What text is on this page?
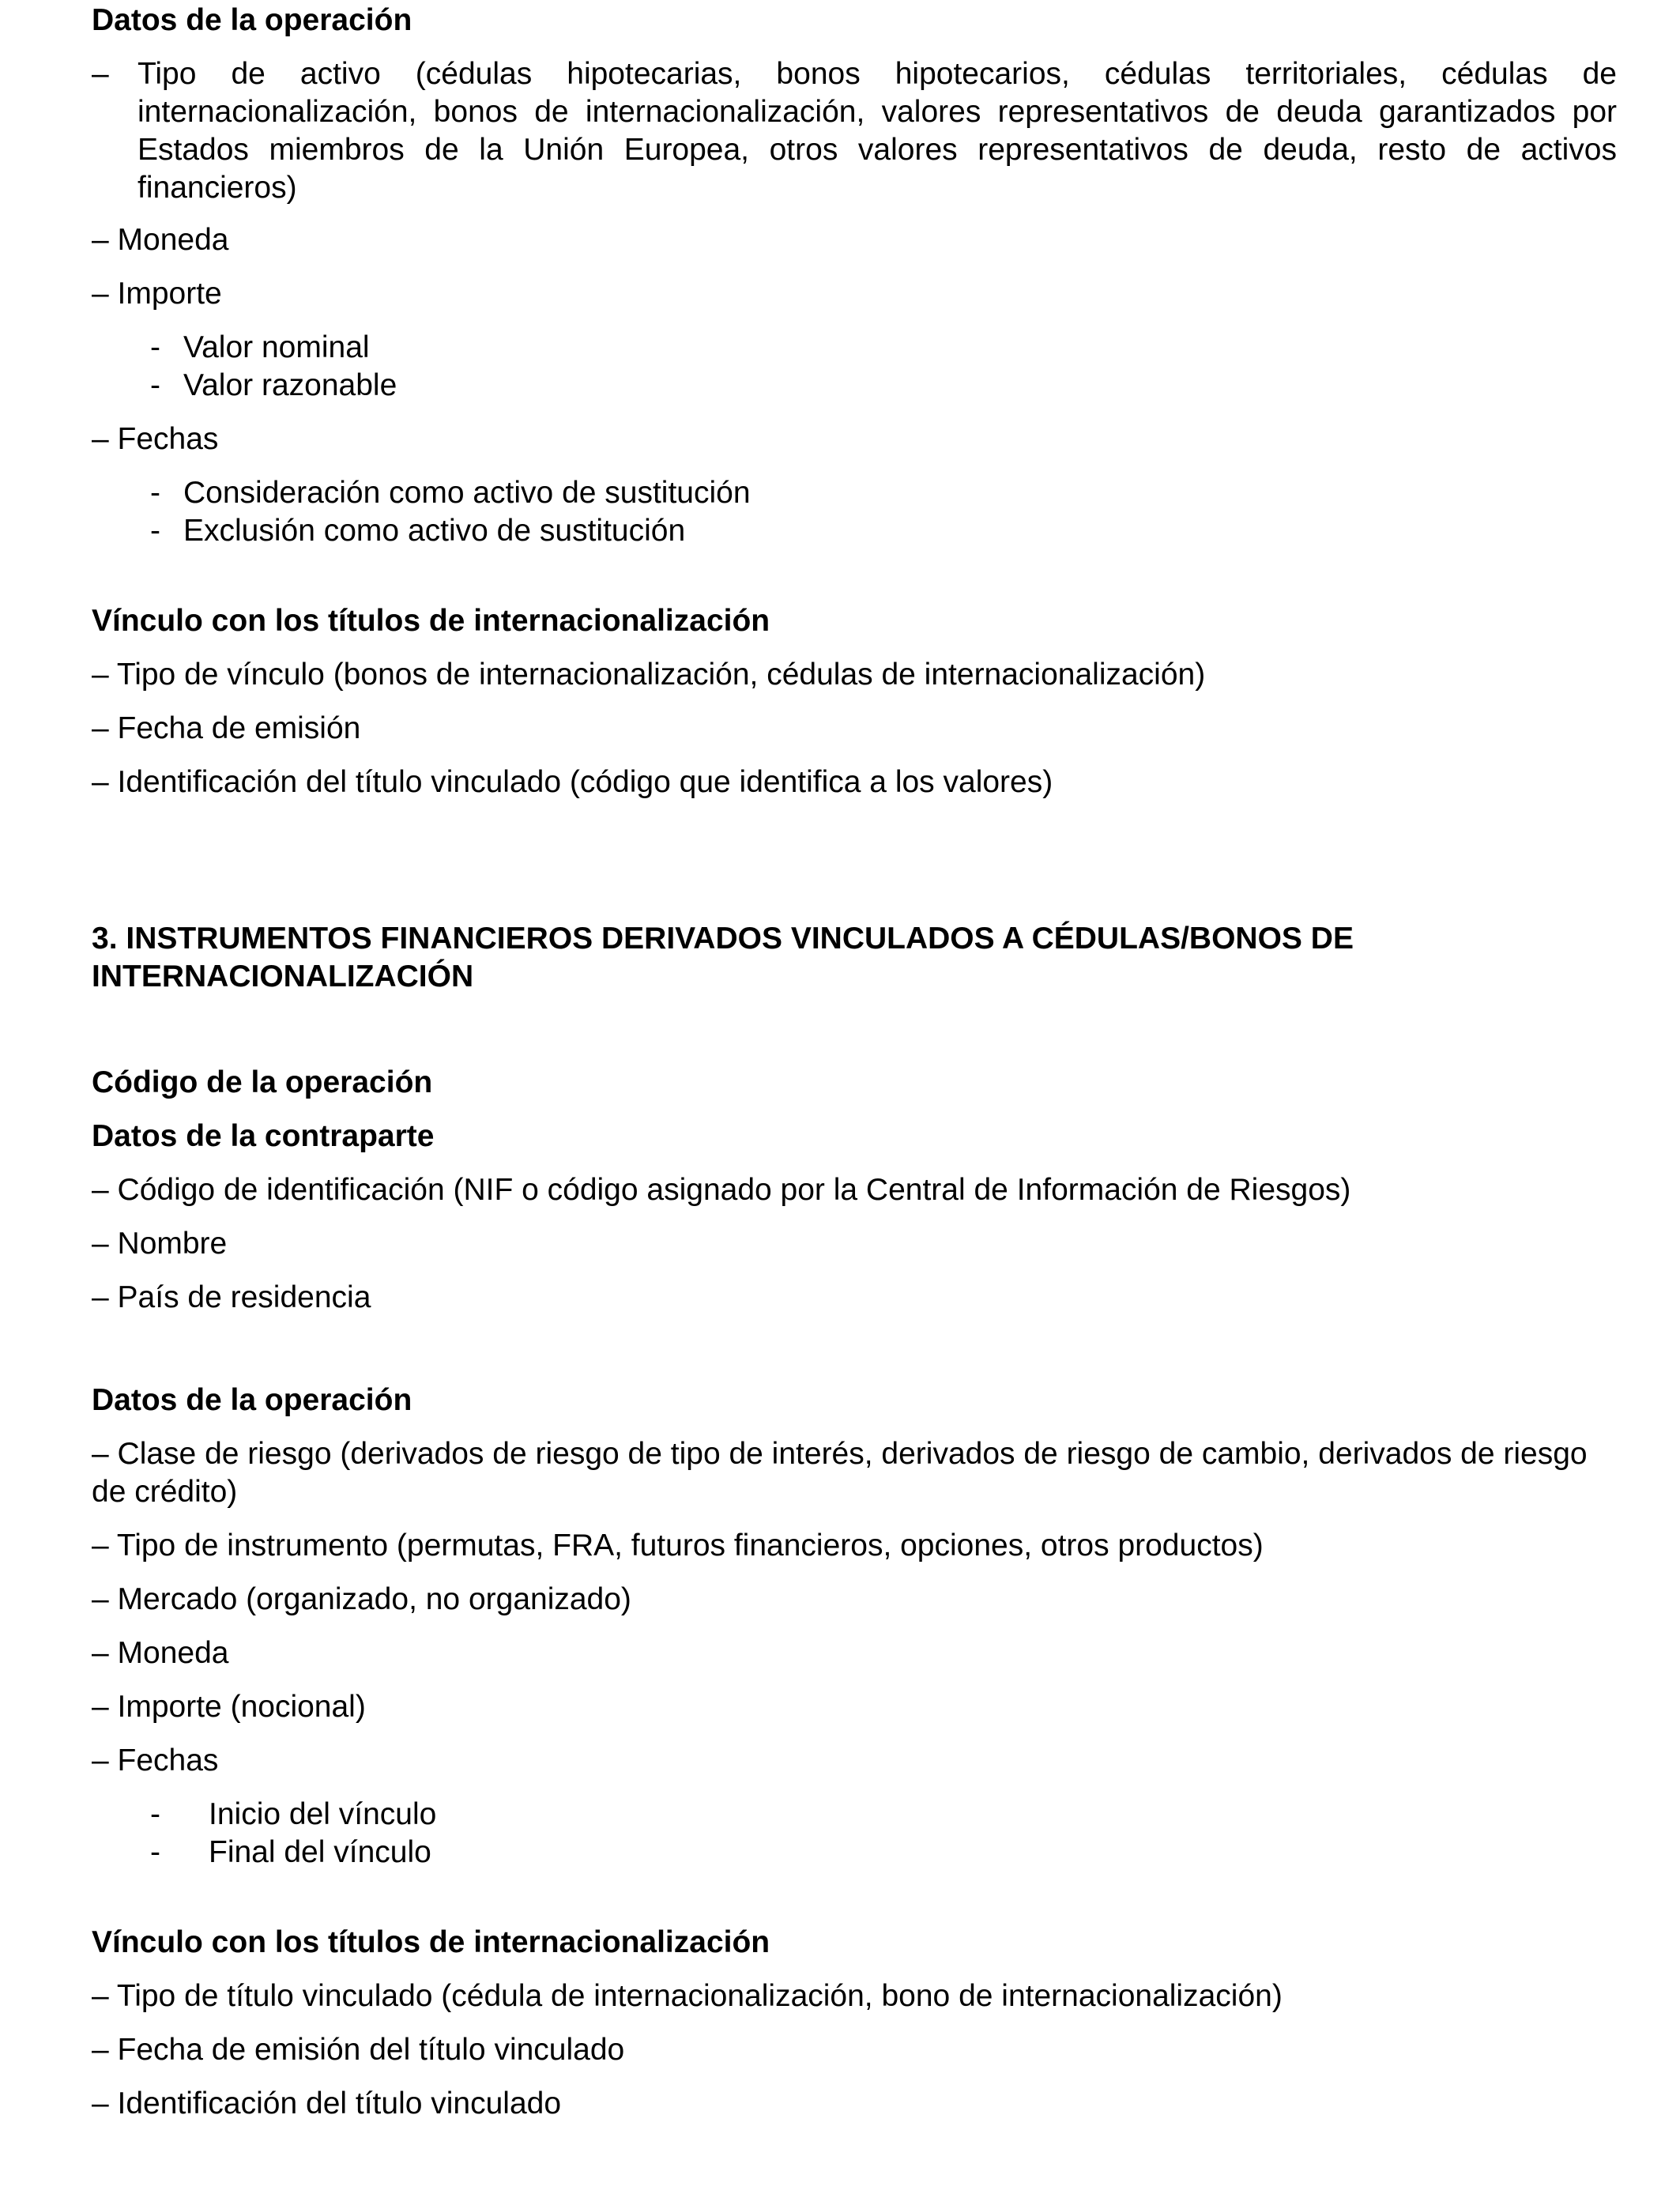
Datos de la operación
– Tipo de activo (cédulas hipotecarias, bonos hipotecarios, cédulas territoriales, cédulas de internacionalización, bonos de internacionalización, valores representativos de deuda garantizados por Estados miembros de la Unión Europea, otros valores representativos de deuda, resto de activos financieros)
– Moneda
– Importe
- Valor nominal
- Valor razonable
– Fechas
- Consideración como activo de sustitución
- Exclusión como activo de sustitución
Vínculo con los títulos de internacionalización
– Tipo de vínculo (bonos de internacionalización, cédulas de internacionalización)
– Fecha de emisión
– Identificación del título vinculado (código que identifica a los valores)
3. INSTRUMENTOS FINANCIEROS DERIVADOS VINCULADOS A CÉDULAS/BONOS DE INTERNACIONALIZACIÓN
Código de la operación
Datos de la contraparte
– Código de identificación (NIF o código asignado por la Central de Información de Riesgos)
– Nombre
– País de residencia
Datos de la operación
– Clase de riesgo (derivados de riesgo de tipo de interés, derivados de riesgo de cambio, derivados de riesgo de crédito)
– Tipo de instrumento (permutas, FRA, futuros financieros, opciones, otros productos)
– Mercado (organizado, no organizado)
– Moneda
– Importe (nocional)
– Fechas
- Inicio del vínculo
- Final del vínculo
Vínculo con los títulos de internacionalización
– Tipo de título vinculado (cédula de internacionalización, bono de internacionalización)
– Fecha de emisión del título vinculado
– Identificación del título vinculado
